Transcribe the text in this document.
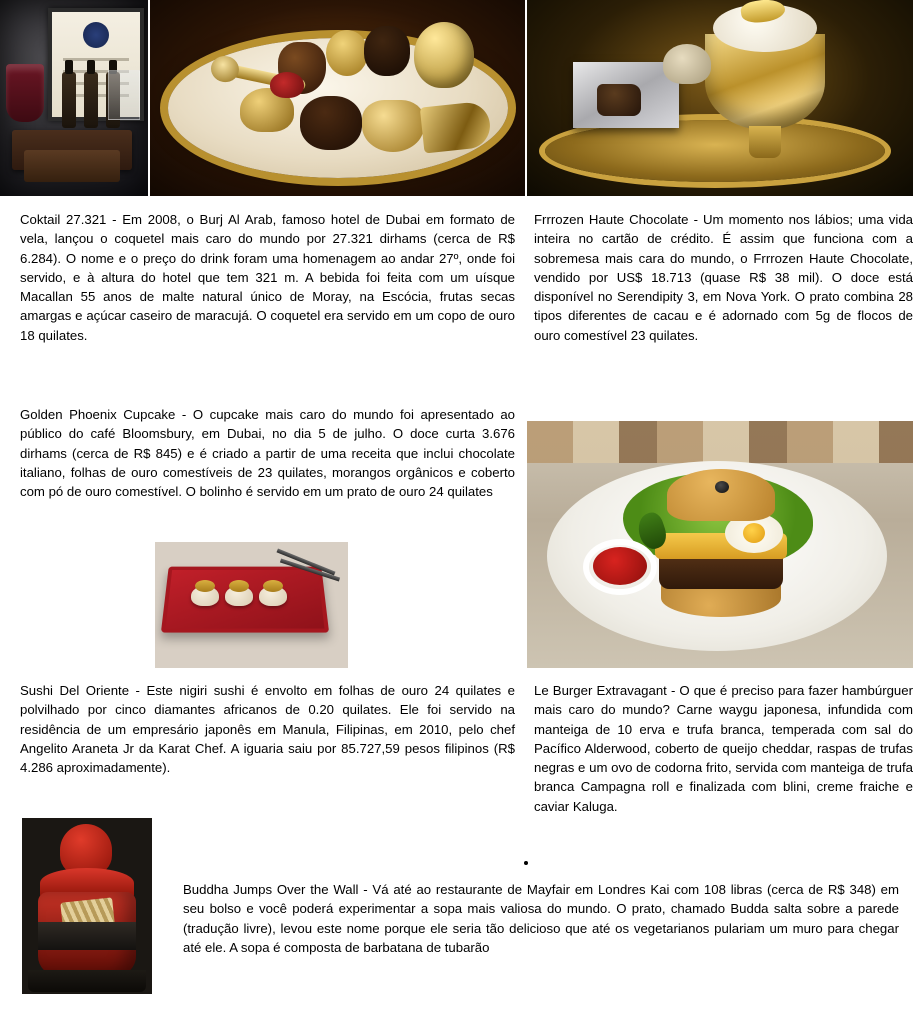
Coktail 27.321 - Em 2008, o Burj Al Arab, famoso hotel de Dubai em formato de vela, lançou o coquetel mais caro do mundo por 27.321 dirhams (cerca de R$ 6.284). O nome e o preço do drink foram uma homenagem ao andar 27º, onde foi servido, e à altura do hotel que tem 321 m. A bebida foi feita com um uísque Macallan 55 anos de malte natural único de Moray, na Escócia, frutas secas amargas e açúcar caseiro de maracujá. O coquetel era servido em um copo de ouro 18 quilates.
Frrrozen Haute Chocolate - Um momento nos lábios; uma vida inteira no cartão de crédito. É assim que funciona com a sobremesa mais cara do mundo, o Frrrozen Haute Chocolate, vendido por US$ 18.713 (quase R$ 38 mil). O doce está disponível no Serendipity 3, em Nova York. O prato combina 28 tipos diferentes de cacau e é adornado com 5g de flocos de ouro comestível 23 quilates.
Golden Phoenix Cupcake - O cupcake mais caro do mundo foi apresentado ao público do café Bloomsbury, em Dubai, no dia 5 de julho. O doce curta 3.676 dirhams (cerca de R$ 845) e é criado a partir de uma receita que inclui chocolate italiano, folhas de ouro comestíveis de 23 quilates, morangos orgânicos e coberto com pó de ouro comestível. O bolinho é servido em um prato de ouro 24 quilates
Sushi Del Oriente - Este nigiri sushi é envolto em folhas de ouro 24 quilates e polvilhado por cinco diamantes africanos de 0.20 quilates. Ele foi servido na residência de um empresário japonês em Manula, Filipinas, em 2010, pelo chef Angelito Araneta Jr da Karat Chef. A iguaria saiu por 85.727,59 pesos filipinos (R$ 4.286 aproximadamente).
Le Burger Extravagant - O que é preciso para fazer hambúrguer mais caro do mundo? Carne waygu japonesa, infundida com manteiga de 10 erva e trufa branca, temperada com sal do Pacífico Alderwood, coberto de queijo cheddar, raspas de trufas negras e um ovo de codorna frito, servida com manteiga de trufa branca Campagna roll e finalizada com blini, creme fraiche e caviar Kaluga.
Buddha Jumps Over the Wall - Vá até ao restaurante de Mayfair em Londres Kai com 108 libras (cerca de R$ 348) em seu bolso e você poderá experimentar a sopa mais valiosa do mundo. O prato, chamado Budda salta sobre a parede (tradução livre), levou este nome porque ele seria tão delicioso que até os vegetarianos pulariam um muro para chegar até ele. A sopa é composta de barbatana de tubarão
